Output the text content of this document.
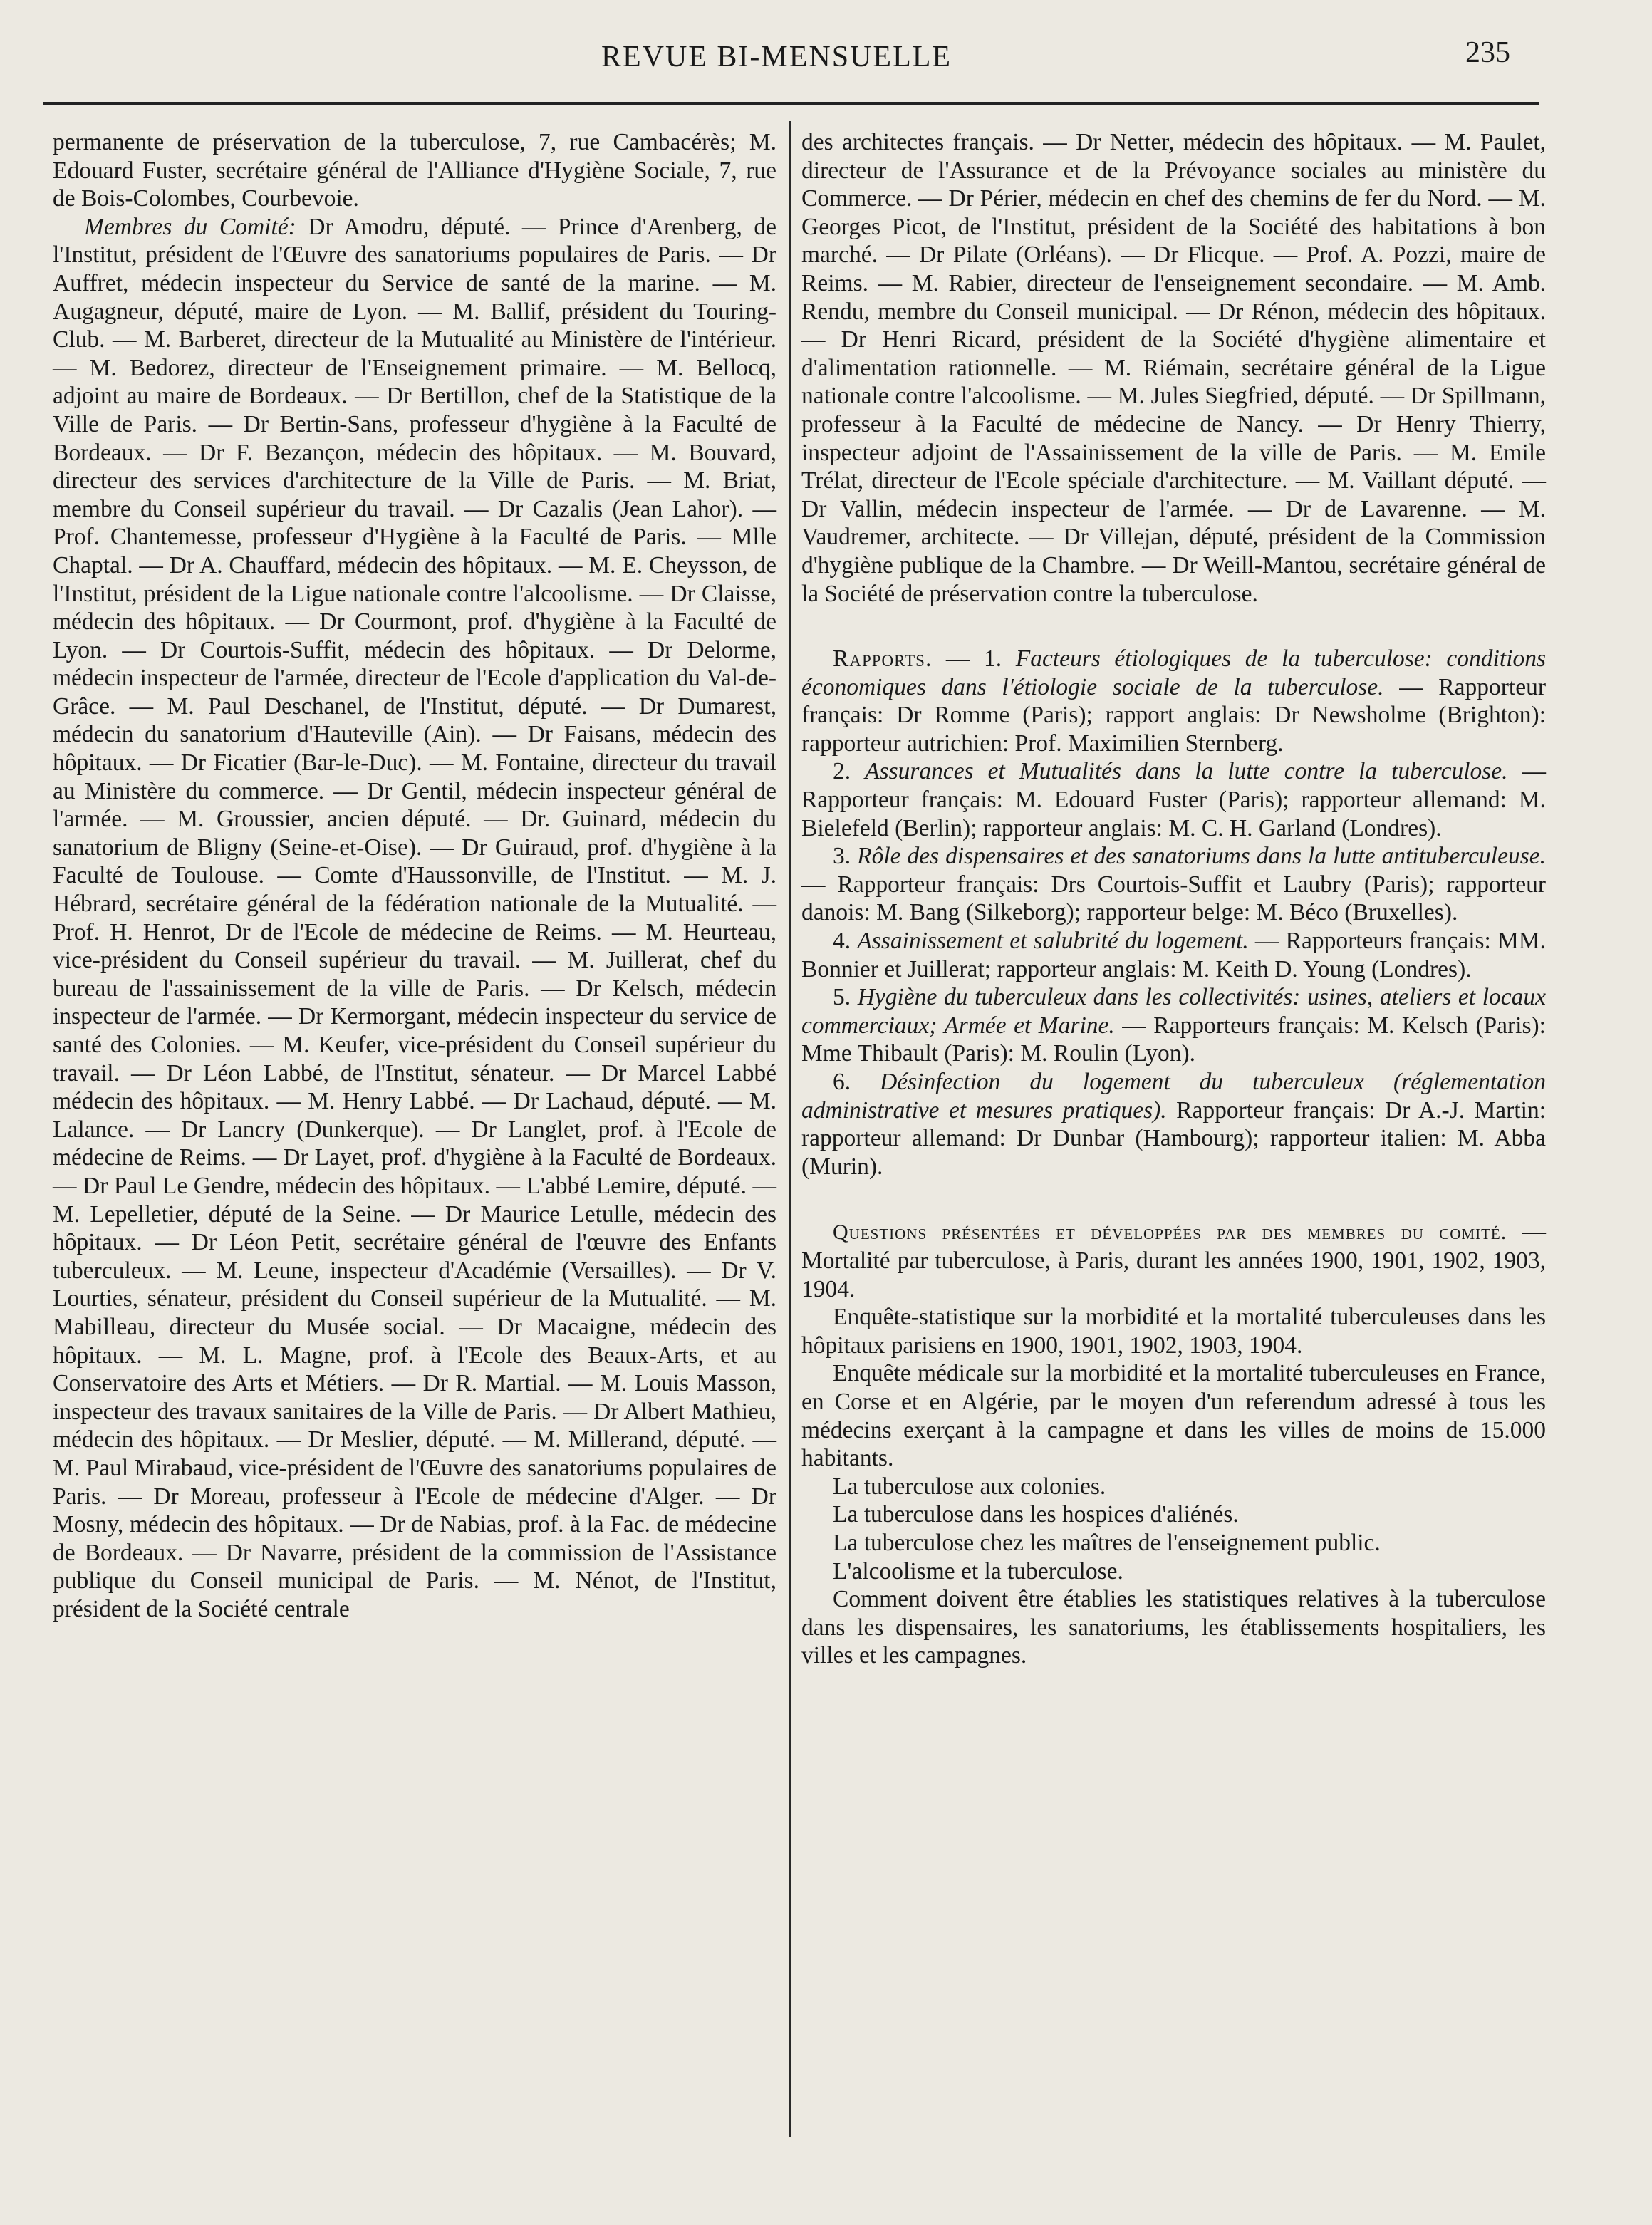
REVUE BI-MENSUELLE	235

permanente de préservation de la tuberculose, 7, rue Cambacérès; M. Edouard Fuster, secrétaire général de l'Alliance d'Hygiène Sociale, 7, rue de Bois-Colombes, Courbevoie.

Membres du Comité: Dr Amodru, député. — Prince d'Arenberg, de l'Institut, président de l'Œuvre des sanatoriums populaires de Paris. — Dr Auffret, médecin inspecteur du Service de santé de la marine. — M. Augagneur, député, maire de Lyon. — M. Ballif, président du Touring-Club. — M. Barberet, directeur de la Mutualité au Ministère de l'intérieur. — M. Bedorez, directeur de l'Enseignement primaire. — M. Bellocq, adjoint au maire de Bordeaux. — Dr Bertillon, chef de la Statistique de la Ville de Paris. — Dr Bertin-Sans, professeur d'hygiène à la Faculté de Bordeaux. — Dr F. Bezançon, médecin des hôpitaux. — M. Bouvard, directeur des services d'architecture de la Ville de Paris. — M. Briat, membre du Conseil supérieur du travail. — Dr Cazalis (Jean Lahor). — Prof. Chantemesse, professeur d'Hygiène à la Faculté de Paris. — Mlle Chaptal. — Dr A. Chauffard, médecin des hôpitaux. — M. E. Cheysson, de l'Institut, président de la Ligue nationale contre l'alcoolisme. — Dr Claisse, médecin des hôpitaux. — Dr Courmont, prof. d'hygiène à la Faculté de Lyon. — Dr Courtois-Suffit, médecin des hôpitaux. — Dr Delorme, médecin inspecteur de l'armée, directeur de l'Ecole d'application du Val-de-Grâce. — M. Paul Deschanel, de l'Institut, député. — Dr Dumarest, médecin du sanatorium d'Hauteville (Ain). — Dr Faisans, médecin des hôpitaux. — Dr Ficatier (Bar-le-Duc). — M. Fontaine, directeur du travail au Ministère du commerce. — Dr Gentil, médecin inspecteur général de l'armée. — M. Groussier, ancien député. — Dr. Guinard, médecin du sanatorium de Bligny (Seine-et-Oise). — Dr Guiraud, prof. d'hygiène à la Faculté de Toulouse. — Comte d'Haussonville, de l'Institut. — M. J. Hébrard, secrétaire général de la fédération nationale de la Mutualité. — Prof. H. Henrot, Dr de l'Ecole de médecine de Reims. — M. Heurteau, vice-président du Conseil supérieur du travail. — M. Juillerat, chef du bureau de l'assainissement de la ville de Paris. — Dr Kelsch, médecin inspecteur de l'armée. — Dr Kermorgant, médecin inspecteur du service de santé des Colonies. — M. Keufer, vice-président du Conseil supérieur du travail. — Dr Léon Labbé, de l'Institut, sénateur. — Dr Marcel Labbé médecin des hôpitaux. — M. Henry Labbé. — Dr Lachaud, député. — M. Lalance. — Dr Lancry (Dunkerque). — Dr Langlet, prof. à l'Ecole de médecine de Reims. — Dr Layet, prof. d'hygiène à la Faculté de Bordeaux. — Dr Paul Le Gendre, médecin des hôpitaux. — L'abbé Lemire, député. — M. Lepelletier, député de la Seine. — Dr Maurice Letulle, médecin des hôpitaux. — Dr Léon Petit, secrétaire général de l'œuvre des Enfants tuberculeux. — M. Leune, inspecteur d'Académie (Versailles). — Dr V. Lourties, sénateur, président du Conseil supérieur de la Mutualité. — M. Mabilleau, directeur du Musée social. — Dr Macaigne, médecin des hôpitaux. — M. L. Magne, prof. à l'Ecole des Beaux-Arts, et au Conservatoire des Arts et Métiers. — Dr R. Martial. — M. Louis Masson, inspecteur des travaux sanitaires de la Ville de Paris. — Dr Albert Mathieu, médecin des hôpitaux. — Dr Meslier, député. — M. Millerand, député. — M. Paul Mirabaud, vice-président de l'Œuvre des sanatoriums populaires de Paris. — Dr Moreau, professeur à l'Ecole de médecine d'Alger. — Dr Mosny, médecin des hôpitaux. — Dr de Nabias, prof. à la Fac. de médecine de Bordeaux. — Dr Navarre, président de la commission de l'Assistance publique du Conseil municipal de Paris. — M. Nénot, de l'Institut, président de la Société centrale

des architectes français. — Dr Netter, médecin des hôpitaux. — M. Paulet, directeur de l'Assurance et de la Prévoyance sociales au ministère du Commerce. — Dr Périer, médecin en chef des chemins de fer du Nord. — M. Georges Picot, de l'Institut, président de la Société des habitations à bon marché. — Dr Pilate (Orléans). — Dr Flicque. — Prof. A. Pozzi, maire de Reims. — M. Rabier, directeur de l'enseignement secondaire. — M. Amb. Rendu, membre du Conseil municipal. — Dr Rénon, médecin des hôpitaux. — Dr Henri Ricard, président de la Société d'hygiène alimentaire et d'alimentation rationnelle. — M. Riémain, secrétaire général de la Ligue nationale contre l'alcoolisme. — M. Jules Siegfried, député. — Dr Spillmann, professeur à la Faculté de médecine de Nancy. — Dr Henry Thierry, inspecteur adjoint de l'Assainissement de la ville de Paris. — M. Emile Trélat, directeur de l'Ecole spéciale d'architecture. — M. Vaillant député. — Dr Vallin, médecin inspecteur de l'armée. — Dr de Lavarenne. — M. Vaudremer, architecte. — Dr Villejan, député, président de la Commission d'hygiène publique de la Chambre. — Dr Weill-Mantou, secrétaire général de la Société de préservation contre la tuberculose.

Rapports. — 1. Facteurs étiologiques de la tuberculose: conditions économiques dans l'étiologie sociale de la tuberculose. — Rapporteur français: Dr Romme (Paris); rapport anglais: Dr Newsholme (Brighton): rapporteur autrichien: Prof. Maximilien Sternberg.

2. Assurances et Mutualités dans la lutte contre la tuberculose. — Rapporteur français: M. Edouard Fuster (Paris); rapporteur allemand: M. Bielefeld (Berlin); rapporteur anglais: M. C. H. Garland (Londres).

3. Rôle des dispensaires et des sanatoriums dans la lutte antituberculeuse. — Rapporteur français: Drs Courtois-Suffit et Laubry (Paris); rapporteur danois: M. Bang (Silkeborg); rapporteur belge: M. Béco (Bruxelles).

4. Assainissement et salubrité du logement. — Rapporteurs français: MM. Bonnier et Juillerat; rapporteur anglais: M. Keith D. Young (Londres).

5. Hygiène du tuberculeux dans les collectivités: usines, ateliers et locaux commerciaux; Armée et Marine. — Rapporteurs français: M. Kelsch (Paris): Mme Thibault (Paris): M. Roulin (Lyon).

6. Désinfection du logement du tuberculeux (réglementation administrative et mesures pratiques). Rapporteur français: Dr A.-J. Martin: rapporteur allemand: Dr Dunbar (Hambourg); rapporteur italien: M. Abba (Murin).

Questions présentées et développées par des membres du comité. — Mortalité par tuberculose, à Paris, durant les années 1900, 1901, 1902, 1903, 1904.

Enquête-statistique sur la morbidité et la mortalité tuberculeuses dans les hôpitaux parisiens en 1900, 1901, 1902, 1903, 1904.

Enquête médicale sur la morbidité et la mortalité tuberculeuses en France, en Corse et en Algérie, par le moyen d'un referendum adressé à tous les médecins exerçant à la campagne et dans les villes de moins de 15.000 habitants.

La tuberculose aux colonies.

La tuberculose dans les hospices d'aliénés.

La tuberculose chez les maîtres de l'enseignement public.

L'alcoolisme et la tuberculose.

Comment doivent être établies les statistiques relatives à la tuberculose dans les dispensaires, les sanatoriums, les établissements hospitaliers, les villes et les campagnes.
